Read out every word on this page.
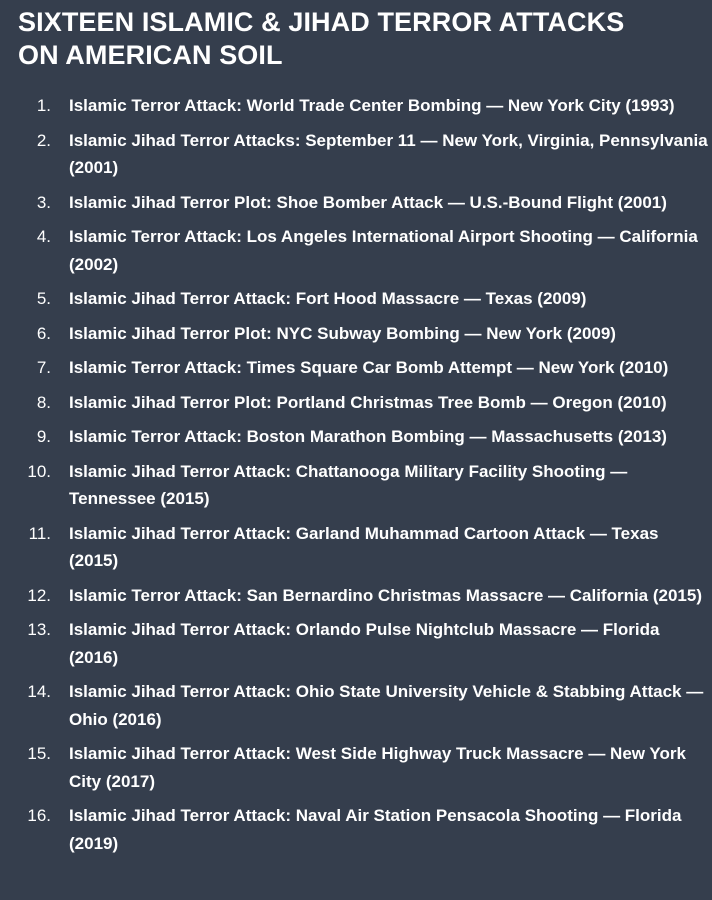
SIXTEEN ISLAMIC & JIHAD TERROR ATTACKS
ON AMERICAN SOIL
1. Islamic Terror Attack: World Trade Center Bombing — New York City (1993)
2. Islamic Jihad Terror Attacks: September 11 — New York, Virginia, Pennsylvania (2001)
3. Islamic Jihad Terror Plot: Shoe Bomber Attack — U.S.-Bound Flight (2001)
4. Islamic Terror Attack: Los Angeles International Airport Shooting — California (2002)
5. Islamic Jihad Terror Attack: Fort Hood Massacre — Texas (2009)
6. Islamic Jihad Terror Plot: NYC Subway Bombing — New York (2009)
7. Islamic Terror Attack: Times Square Car Bomb Attempt — New York (2010)
8. Islamic Jihad Terror Plot: Portland Christmas Tree Bomb — Oregon (2010)
9. Islamic Terror Attack: Boston Marathon Bombing — Massachusetts (2013)
10. Islamic Jihad Terror Attack: Chattanooga Military Facility Shooting — Tennessee (2015)
11. Islamic Jihad Terror Attack: Garland Muhammad Cartoon Attack — Texas (2015)
12. Islamic Terror Attack: San Bernardino Christmas Massacre — California (2015)
13. Islamic Jihad Terror Attack: Orlando Pulse Nightclub Massacre — Florida (2016)
14. Islamic Jihad Terror Attack: Ohio State University Vehicle & Stabbing Attack — Ohio (2016)
15. Islamic Jihad Terror Attack: West Side Highway Truck Massacre — New York City (2017)
16. Islamic Jihad Terror Attack: Naval Air Station Pensacola Shooting — Florida (2019)
